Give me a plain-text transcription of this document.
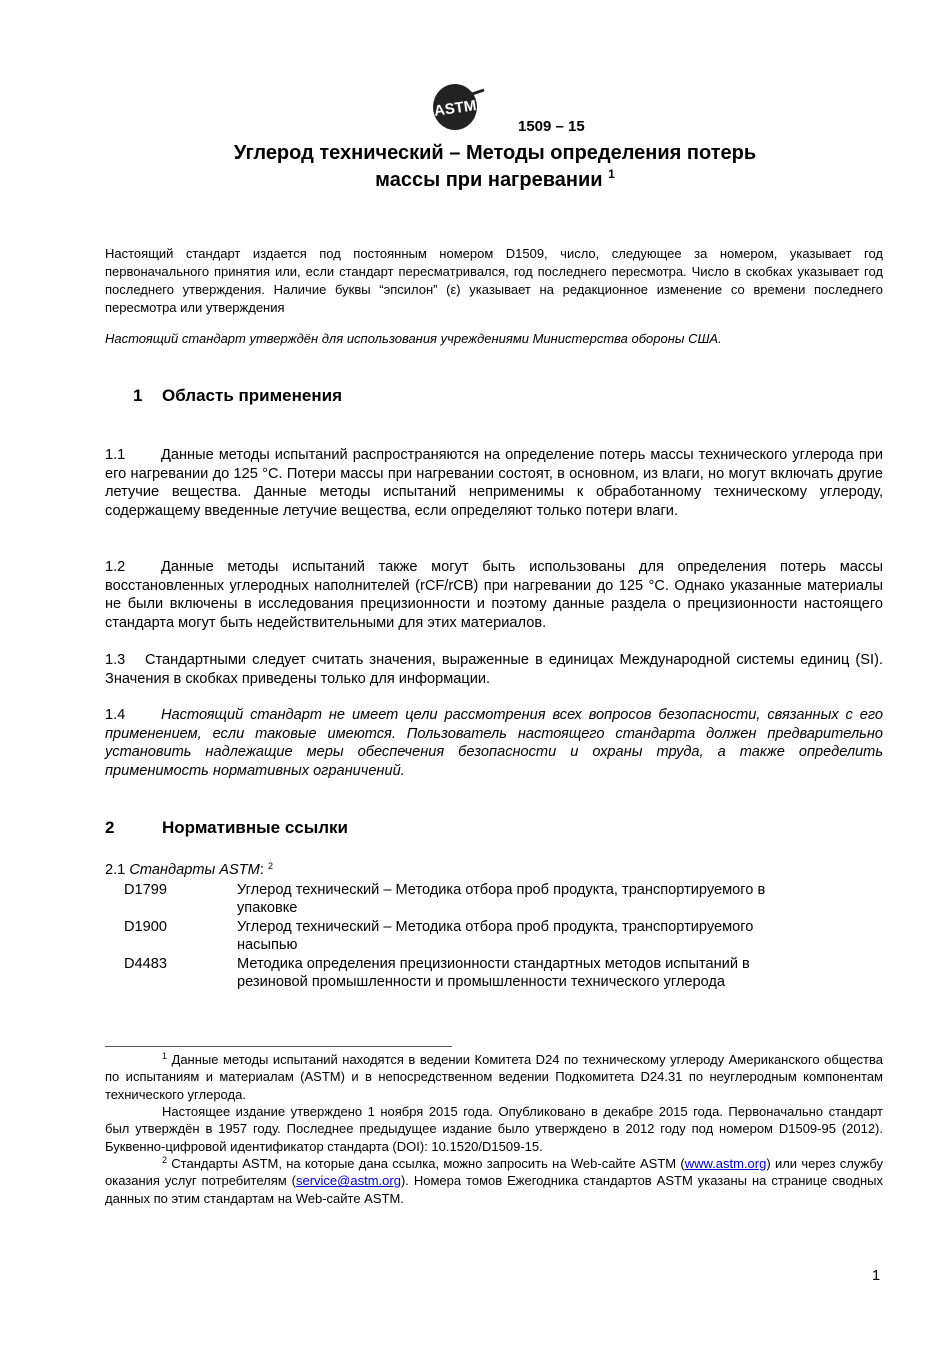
ASTM
1509 – 15
Углерод технический – Методы определения потерь
массы при нагревании $^1$
Настоящий стандарт издается под постоянным номером D1509, число, следующее за номером, указывает год первоначального принятия или, если стандарт пересматривался, год последнего пересмотра. Число в скобках указывает год последнего утверждения. Наличие буквы “эпсилон” (ε) указывает на редакционное изменение со времени последнего пересмотра или утверждения
Настоящий стандарт утверждён для использования учреждениями Министерства обороны США.
1 Область применения
1.1 Данные методы испытаний распространяются на определение потерь массы технического углерода при его нагревании до 125 °C. Потери массы при нагревании состоят, в основном, из влаги, но могут включать другие летучие вещества. Данные методы испытаний неприменимы к обработанному техническому углероду, содержащему введенные летучие вещества, если определяют только потери влаги.
1.2 Данные методы испытаний также могут быть использованы для определения потерь массы восстановленных углеродных наполнителей (rCF/rCB) при нагревании до 125 °C. Однако указанные материалы не были включены в исследования прецизионности и поэтому данные раздела о прецизионности настоящего стандарта могут быть недействительными для этих материалов.
1.3 Стандартными следует считать значения, выраженные в единицах Международной системы единиц (SI). Значения в скобках приведены только для информации.
1.4 Настоящий стандарт не имеет цели рассмотрения всех вопросов безопасности, связанных с его применением, если таковые имеются. Пользователь настоящего стандарта должен предварительно установить надлежащие меры обеспечения безопасности и охраны труда, а также определить применимость нормативных ограничений.
2	Нормативные ссылки
2.1 Стандарты ASTM: $^2$
D1799	Углерод технический – Методика отбора проб продукта, транспортируемого в упаковке
D1900	Углерод технический – Методика отбора проб продукта, транспортируемого насыпью
D4483	Методика определения прецизионности стандартных методов испытаний в резиновой промышленности и промышленности технического углерода
$^1$ Данные методы испытаний находятся в ведении Комитета D24 по техническому углероду Американского общества по испытаниям и материалам (ASTM) и в непосредственном ведении Подкомитета D24.31 по неуглеродным компонентам технического углерода.
Настоящее издание утверждено 1 ноября 2015 года. Опубликовано в декабре 2015 года. Первоначально стандарт был утверждён в 1957 году. Последнее предыдущее издание было утверждено в 2012 году под номером D1509-95 (2012). Буквенно-цифровой идентификатор стандарта (DOI): 10.1520/D1509-15.
$^2$ Стандарты ASTM, на которые дана ссылка, можно запросить на Web-сайте ASTM (www.astm.org) или через службу оказания услуг потребителям (service@astm.org). Номера томов Ежегодника стандартов ASTM указаны на странице сводных данных по этим стандартам на Web-сайте ASTM.
1
